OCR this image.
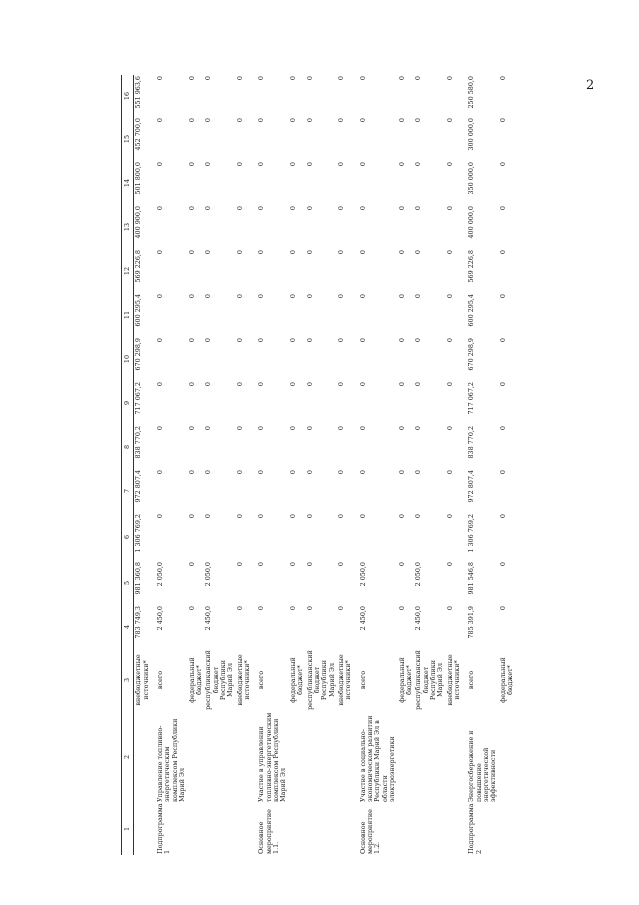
2
1	2	3	4	5	6	7	8	9	10	11	12	13	14	15	16
		внебюджетные источники*	783 749,3	981 360,8	1 306 769,2	972 807,4	838 770,2	717 067,2	670 298,9	600 295,4	569 226,8	400 900,0	501 800,0	452 700,0	551 963,6
Подпрограмма 1	Управление топливно-энергетическим комплексом Республики Марий Эл	всего	2 450,0	2 050,0	0	0	0	0	0	0	0	0	0	0	0
		федеральный бюджет*	0	0	0	0	0	0	0	0	0	0	0	0	0
		республиканский бюджет Республики Марий Эл	2 450,0	2 050,0	0	0	0	0	0	0	0	0	0	0	0
		внебюджетные источники*	0	0	0	0	0	0	0	0	0	0	0	0	0
Основное мероприятие 1.1.	Участие в управлении топливно-энергетическим комплексом Республики Марий Эл	всего	0	0	0	0	0	0	0	0	0	0	0	0	0
		федеральный бюджет*	0	0	0	0	0	0	0	0	0	0	0	0	0
		республиканский бюджет Республики Марий Эл	0	0	0	0	0	0	0	0	0	0	0	0	0
		внебюджетные источники*	0	0	0	0	0	0	0	0	0	0	0	0	0
Основное мероприятие 1.2.	Участие в социально-экономическом развитии Республики Марий Эл в области электроэнергетики	всего	2 450,0	2 050,0	0	0	0	0	0	0	0	0	0	0	0
		федеральный бюджет*	0	0	0	0	0	0	0	0	0	0	0	0	0
		республиканский бюджет Республики Марий Эл	2 450,0	2 050,0	0	0	0	0	0	0	0	0	0	0	0
		внебюджетные источники*	0	0	0	0	0	0	0	0	0	0	0	0	0
Подпрограмма 2	Энергосбережение и повышение энергетической эффективности	всего	785 391,9	981 546,8	1 306 769,2	972 807,4	838 770,2	717 067,2	670 298,9	600 295,4	569 226,8	400 000,0	350 000,0	300 000,0	250 580,0
		федеральный бюджет*	0	0	0	0	0	0	0	0	0	0	0	0	0
